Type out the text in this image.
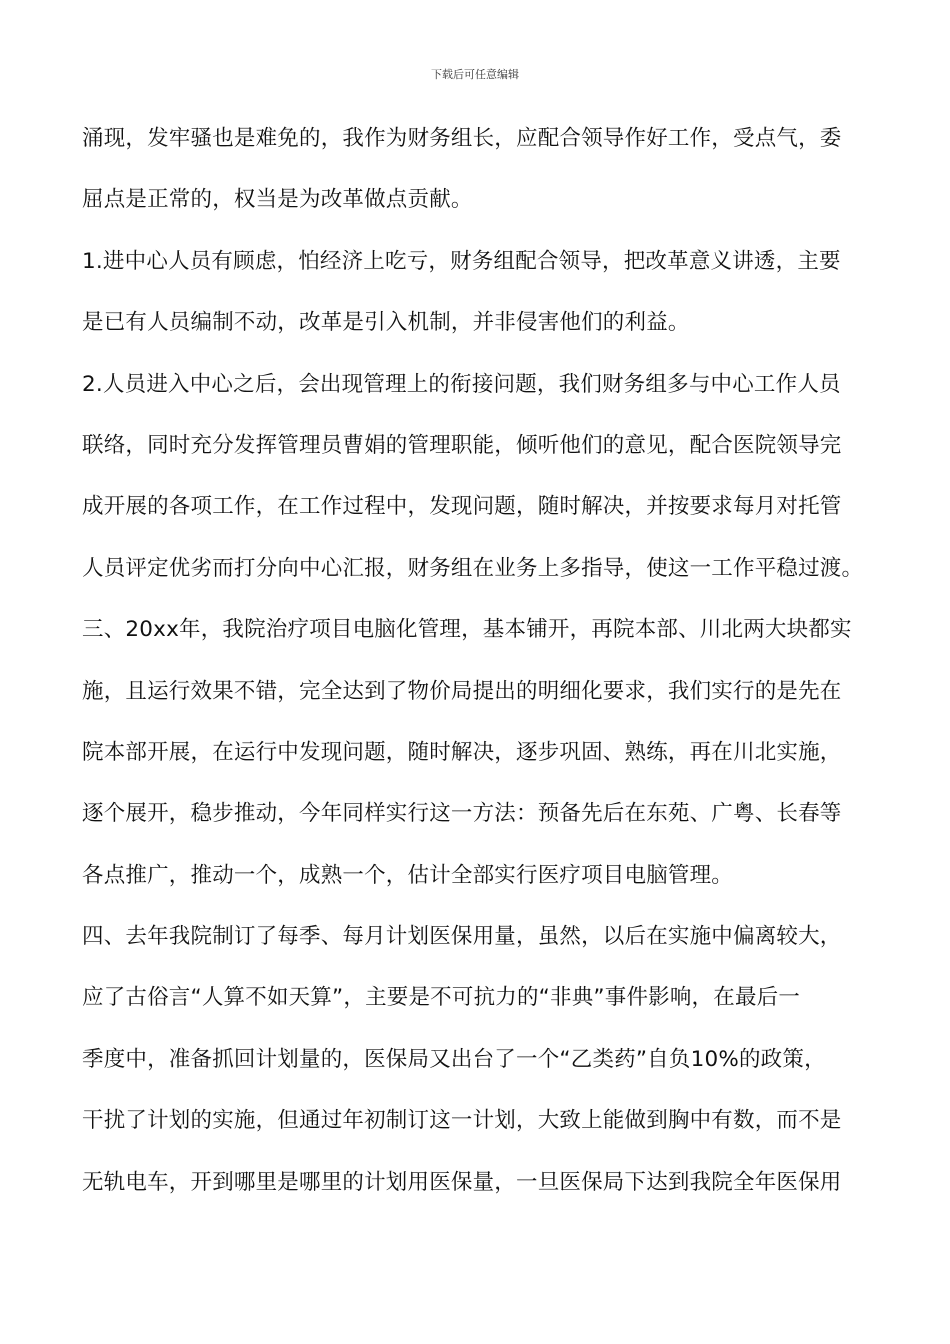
下载后可任意编辑
涌现，发牢骚也是难免的，我作为财务组长，应配合领导作好工作，受点气，委
屈点是正常的，权当是为改革做点贡献。
1.进中心人员有顾虑，怕经济上吃亏，财务组配合领导，把改革意义讲透，主要
是已有人员编制不动，改革是引入机制，并非侵害他们的利益。
2.人员进入中心之后，会出现管理上的衔接问题，我们财务组多与中心工作人员
联络，同时充分发挥管理员曹娟的管理职能，倾听他们的意见，配合医院领导完
成开展的各项工作，在工作过程中，发现问题，随时解决，并按要求每月对托管
人员评定优劣而打分向中心汇报，财务组在业务上多指导，使这一工作平稳过渡。
三、20xx年，我院治疗项目电脑化管理，基本铺开，再院本部、川北两大块都实
施，且运行效果不错，完全达到了物价局提出的明细化要求，我们实行的是先在
院本部开展，在运行中发现问题，随时解决，逐步巩固、熟练，再在川北实施，
逐个展开，稳步推动，今年同样实行这一方法：预备先后在东苑、广粤、长春等
各点推广，推动一个，成熟一个，估计全部实行医疗项目电脑管理。
四、去年我院制订了每季、每月计划医保用量，虽然，以后在实施中偏离较大，
应了古俗言“人算不如天算”，主要是不可抗力的“非典”事件影响，在最后一
季度中，准备抓回计划量的，医保局又出台了一个“乙类药”自负10%的政策，
干扰了计划的实施，但通过年初制订这一计划，大致上能做到胸中有数，而不是
无轨电车，开到哪里是哪里的计划用医保量，一旦医保局下达到我院全年医保用
